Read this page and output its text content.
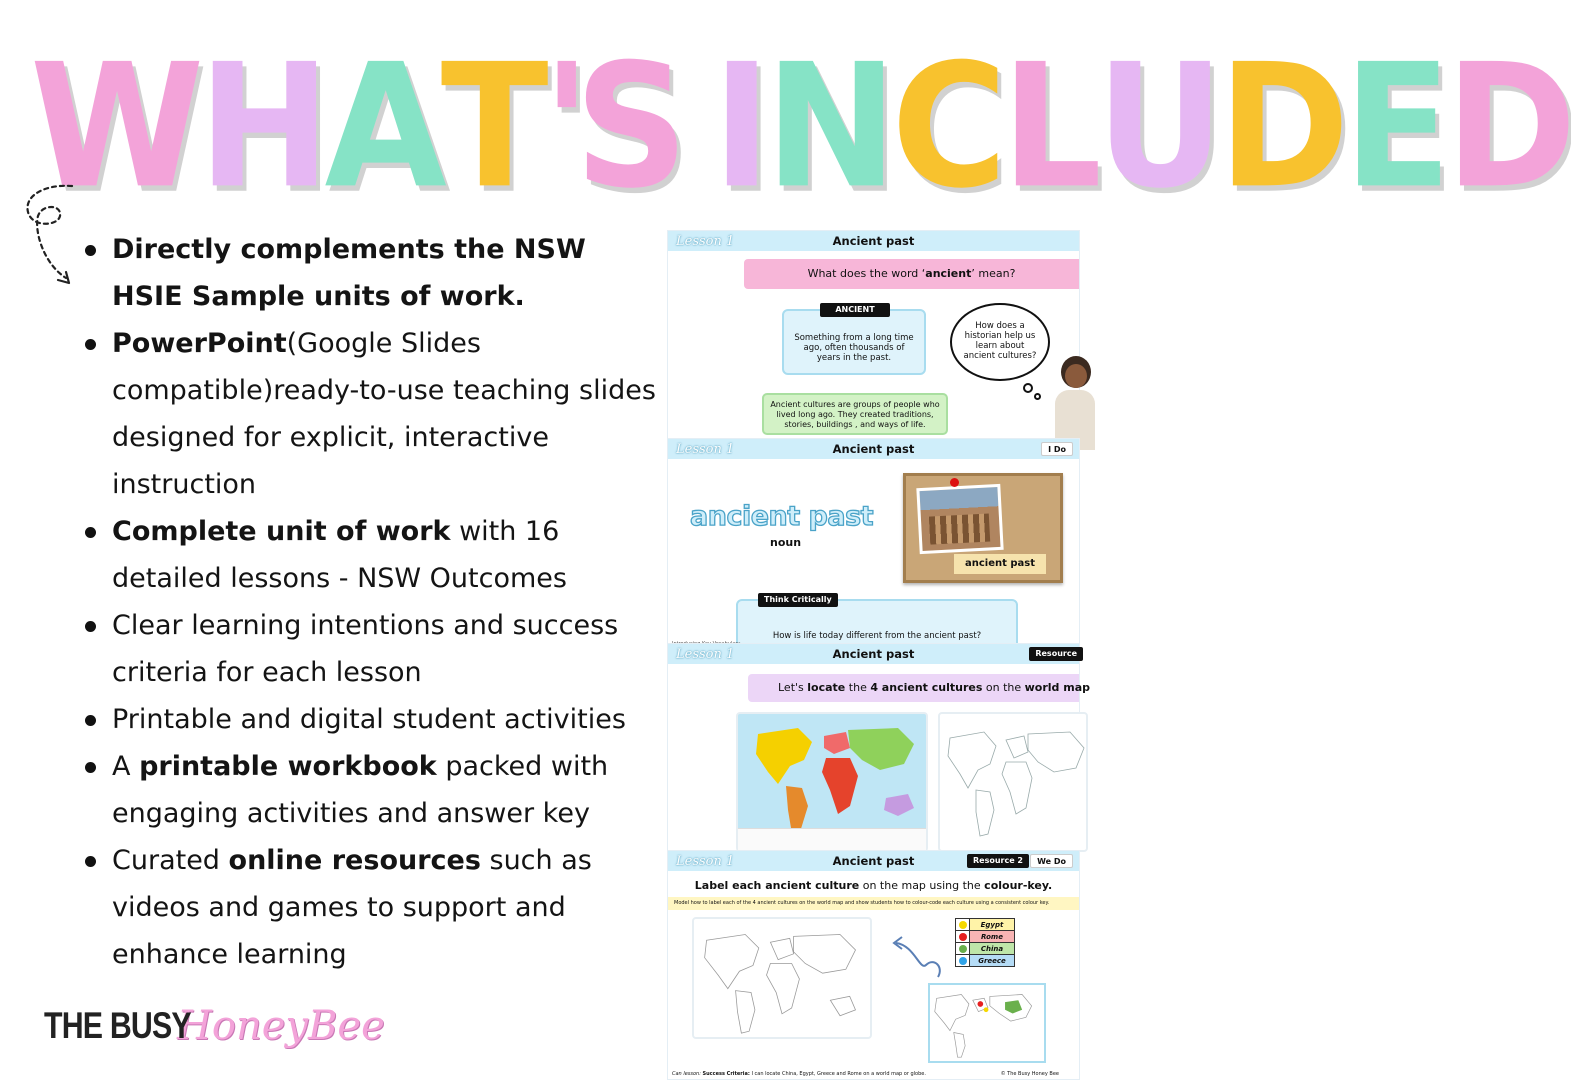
W H A T '
S
I N C L U D E D
Directly complements the NSW HSIE Sample units of work.
PowerPoint(Google Slides compatible)ready-to-use teaching slides designed for explicit, interactive instruction
Complete unit of work with 16 detailed lessons - NSW Outcomes
Clear learning intentions and success criteria for each lesson
Printable and digital student activities
A printable workbook packed with engaging activities and answer key
Curated online resources such as videos and games to support and enhance learning
THE BUSY
HoneyBee
Lesson 1	Ancient past
What does the word ‘ancient’ mean?
ANCIENT
Something from a long time ago, often thousands of years in the past.
How does a historian help us learn about ancient cultures?
Ancient cultures are groups of people who lived long ago. They created traditions, stories, buildings , and ways of life.
Lesson 1	Ancient past	I Do
ancient past
noun
ancient past
Think Critically
How is life today different from the ancient past?
Lesson 1	Ancient past	Resource
Let's locate the 4 ancient cultures on the world map
Lesson 1	Ancient past	Resource 2	We Do
Label each ancient culture on the map using the colour-key.
Model how to label each of the 4 ancient cultures on the world map and show students how to colour-code each culture using a consistent colour key.
Egypt
Rome
China
Greece
Can lesson: Success Criteria: I can locate China, Egypt, Greece and Rome on a world map or globe.	© The Busy Honey Bee
